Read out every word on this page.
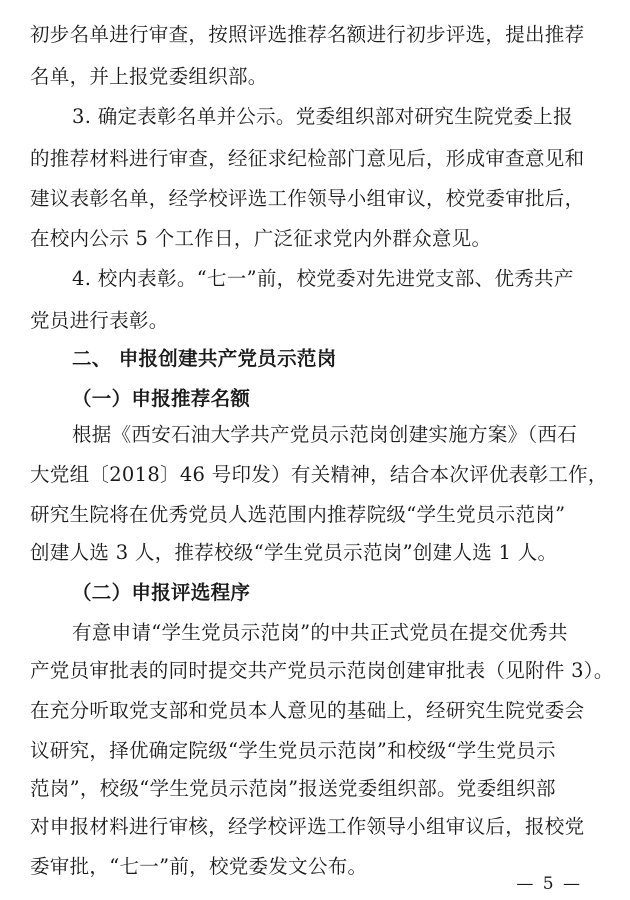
初步名单进行审查，按照评选推荐名额进行初步评选，提出推荐
名单，并上报党委组织部。
3. 确定表彰名单并公示。党委组织部对研究生院党委上报
的推荐材料进行审查，经征求纪检部门意见后，形成审查意见和
建议表彰名单，经学校评选工作领导小组审议，校党委审批后，
在校内公示 5 个工作日，广泛征求党内外群众意见。
4. 校内表彰。“七一”前，校党委对先进党支部、优秀共产
党员进行表彰。
二、 申报创建共产党员示范岗
（一）申报推荐名额
根据《西安石油大学共产党员示范岗创建实施方案》（西石
大党组〔2018〕46 号印发）有关精神，结合本次评优表彰工作，
研究生院将在优秀党员人选范围内推荐院级“学生党员示范岗”
创建人选 3 人，推荐校级“学生党员示范岗”创建人选 1 人。
（二）申报评选程序
有意申请“学生党员示范岗”的中共正式党员在提交优秀共
产党员审批表的同时提交共产党员示范岗创建审批表（见附件 3）。
在充分听取党支部和党员本人意见的基础上，经研究生院党委会
议研究，择优确定院级“学生党员示范岗”和校级“学生党员示
范岗”，校级“学生党员示范岗”报送党委组织部。党委组织部
对申报材料进行审核，经学校评选工作领导小组审议后，报校党
委审批，“七一”前，校党委发文公布。
— 5 —
